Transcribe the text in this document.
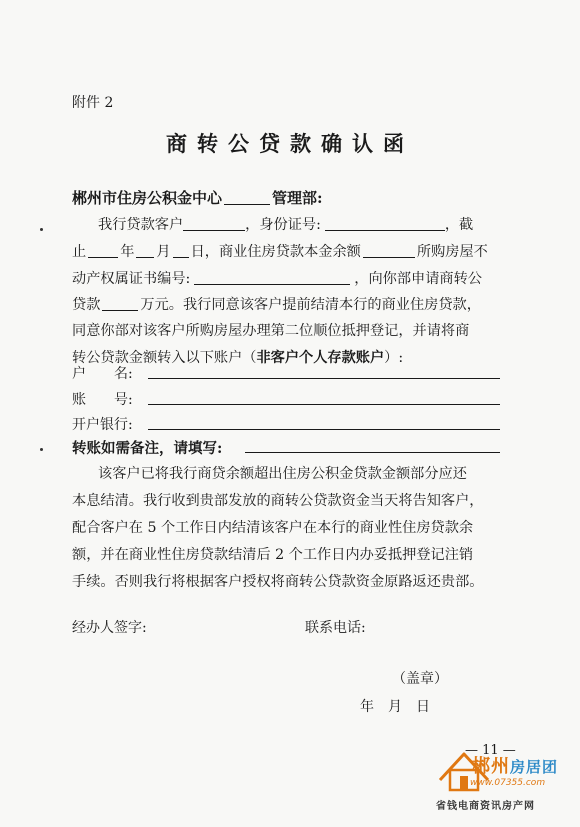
附件 2
商转公贷款确认函
郴州市住房公积金中心	管理部:
我行贷款客户	，身份证号:	，截
止 年 月 日，商业住房贷款本金余额	所购房屋不
动产权属证书编号:	，向你部申请商转公
贷款	万元。我行同意该客户提前结清本行的商业住房贷款，
同意你部对该客户所购房屋办理第二位顺位抵押登记，并请将商
转公贷款金额转入以下账户（非客户个人存款账户）:
户　　名:
账　　号:
开户银行:
转账如需备注，请填写:
该客户已将我行商贷余额超出住房公积金贷款金额部分应还
本息结清。我行收到贵部发放的商转公贷款资金当天将告知客户，
配合客户在 5 个工作日内结清该客户在本行的商业性住房贷款余
额，并在商业性住房贷款结清后 2 个工作日内办妥抵押登记注销
手续。否则我行将根据客户授权将商转公贷款资金原路返还贵部。
经办人签字:	联系电话:
（盖章）
年　月　日
— 11 —
郴州房居团
www.07355.com
省钱电商资讯房产网
